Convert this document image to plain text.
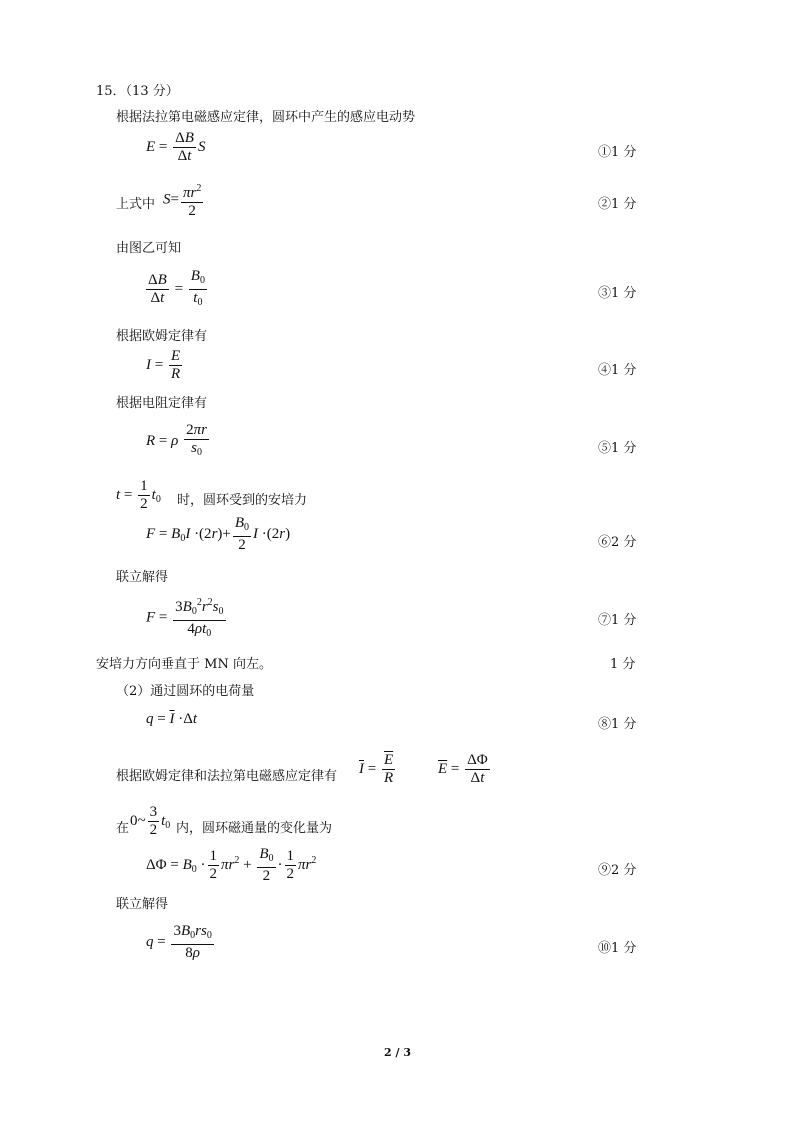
15．（13 分）
根据法拉第电磁感应定律，圆环中产生的感应电动势
$E = \frac{\Delta B}{\Delta t}$ S	①1 分
上式中 $S= \frac{\pi r^2}{2}$	②1 分
由图乙可知
$\frac{\Delta B}{\Delta t} = \frac{B_0}{t_0}$	③1 分
根据欧姆定律有
$I = \frac{E}{R}$	④1 分
根据电阻定律有
R = ρ $\frac{2\pi r}{s_0}$	⑤1 分
$t = \frac{1}{2} t_0$ 时，圆环受到的安培力
$F = B_0I \cdot(2r)+ \frac{B_0}{2}$ I ·(2r)
⑥2 分
联立解得
$F = \frac{3B_0^2r^2s_0}{4\rho t_0}$	⑦1 分
安培力方向垂直于 MN 向左。	1 分
（2）通过圆环的电荷量
$q = \overline{I} \cdot\Delta t$	⑧1 分
根据欧姆定律和法拉第电磁感应定律有 $\overline{I} = \frac{\overline{E}}{R}$	$\overline{E} = \frac{\Delta\Phi}{\Delta t}$
在 0~ $\frac{3}{2} t_0$ 内，圆环磁通量的变化量为
$\Delta\Phi = B_0 \cdot \frac{1}{2} \pi r^2 + \frac{B_0}{2} \cdot \frac{1}{2} \pi r^2$
⑨2 分
联立解得
$q = \frac{3B_0rs_0}{8\rho}$	⑩1 分
2 / 3
